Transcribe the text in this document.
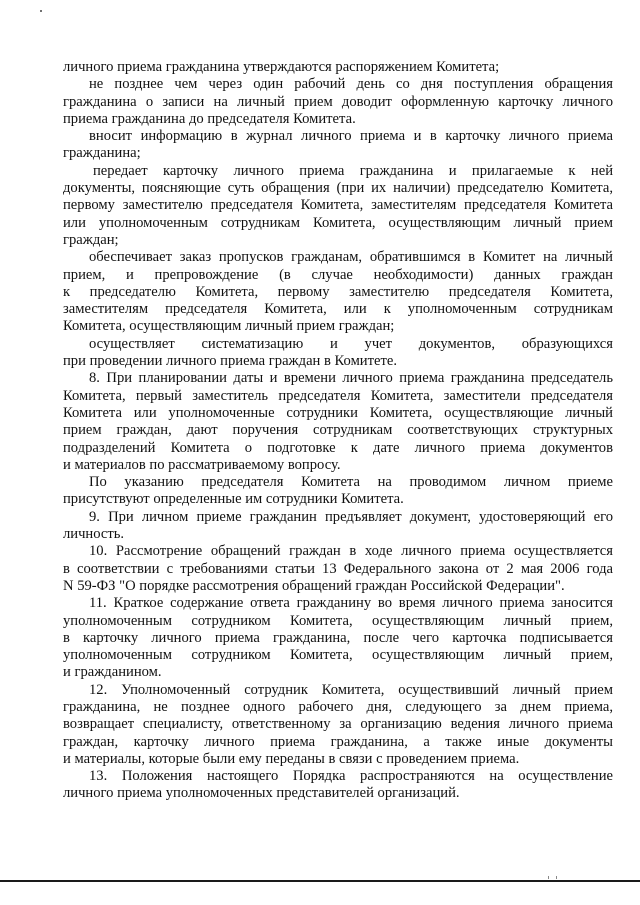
личного приема гражданина утверждаются распоряжением Комитета;
не позднее чем через один рабочий день со дня поступления обращения
гражданина о записи на личный прием доводит оформленную карточку личного
приема гражданина до председателя Комитета.
вносит информацию в журнал личного приема и в карточку личного приема
гражданина;
передает карточку личного приема гражданина и прилагаемые к ней
документы, поясняющие суть обращения (при их наличии) председателю Комитета,
первому заместителю председателя Комитета, заместителям председателя Комитета
или уполномоченным сотрудникам Комитета, осуществляющим личный прием
граждан;
обеспечивает заказ пропусков гражданам, обратившимся в Комитет на личный
прием, и препровождение (в случае необходимости) данных граждан
к председателю Комитета, первому заместителю председателя Комитета,
заместителям председателя Комитета, или к уполномоченным сотрудникам
Комитета, осуществляющим личный прием граждан;
осуществляет систематизацию и учет документов, образующихся
при проведении личного приема граждан в Комитете.
8. При планировании даты и времени личного приема гражданина председатель
Комитета, первый заместитель председателя Комитета, заместители председателя
Комитета или уполномоченные сотрудники Комитета, осуществляющие личный
прием граждан, дают поручения сотрудникам соответствующих структурных
подразделений Комитета о подготовке к дате личного приема документов
и материалов по рассматриваемому вопросу.
По указанию председателя Комитета на проводимом личном приеме
присутствуют определенные им сотрудники Комитета.
9. При личном приеме гражданин предъявляет документ, удостоверяющий его
личность.
10. Рассмотрение обращений граждан в ходе личного приема осуществляется
в соответствии с требованиями статьи 13 Федерального закона от 2 мая 2006 года
N 59-ФЗ "О порядке рассмотрения обращений граждан Российской Федерации".
11. Краткое содержание ответа гражданину во время личного приема заносится
уполномоченным сотрудником Комитета, осуществляющим личный прием,
в карточку личного приема гражданина, после чего карточка подписывается
уполномоченным сотрудником Комитета, осуществляющим личный прием,
и гражданином.
12. Уполномоченный сотрудник Комитета, осуществивший личный прием
гражданина, не позднее одного рабочего дня, следующего за днем приема,
возвращает специалисту, ответственному за организацию ведения личного приема
граждан, карточку личного приема гражданина, а также иные документы
и материалы, которые были ему переданы в связи с проведением приема.
13. Положения настоящего Порядка распространяются на осуществление
личного приема уполномоченных представителей организаций.
